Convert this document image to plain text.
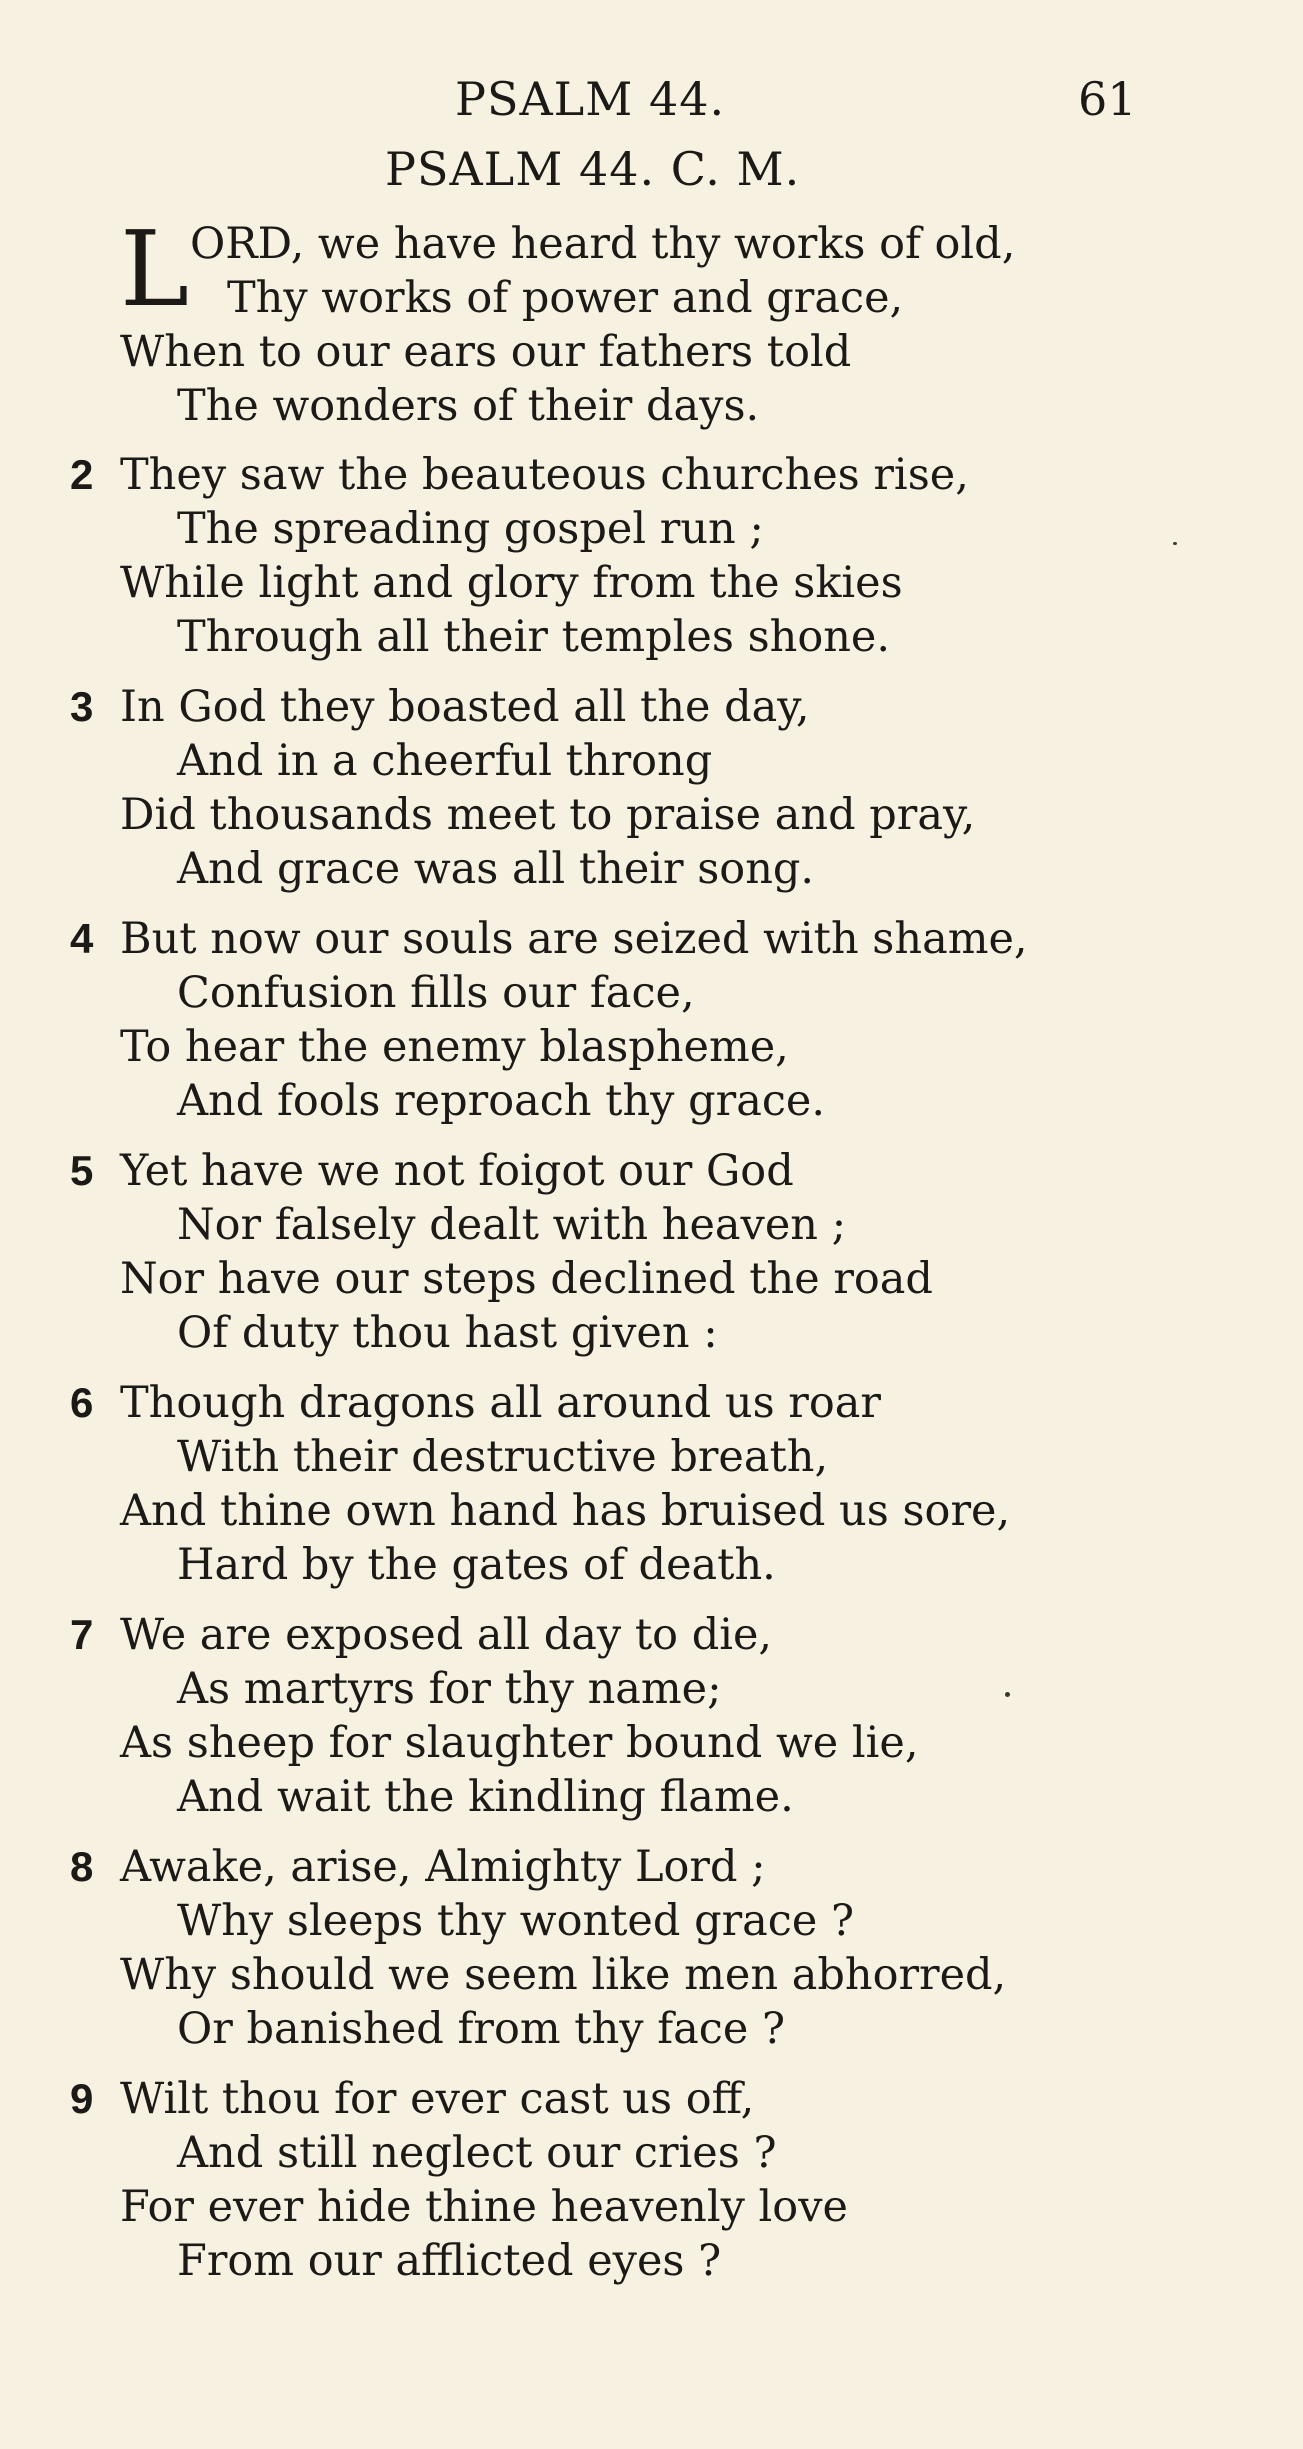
PSALM 44.	61
PSALM 44. C. M.
L ORD, we have heard thy works of old,
Thy works of power and grace,
When to our ears our fathers told
The wonders of their days.
2 They saw the beauteous churches rise,
The spreading gospel run ;
While light and glory from the skies
Through all their temples shone.
3 In God they boasted all the day,
And in a cheerful throng
Did thousands meet to praise and pray,
And grace was all their song.
4 But now our souls are seized with shame,
Confusion fills our face,
To hear the enemy blaspheme,
And fools reproach thy grace.
5 Yet have we not foigot our God
Nor falsely dealt with heaven ;
Nor have our steps declined the road
Of duty thou hast given :
6 Though dragons all around us roar
With their destructive breath,
And thine own hand has bruised us sore,
Hard by the gates of death.
7 We are exposed all day to die,
As martyrs for thy name;
As sheep for slaughter bound we lie,
And wait the kindling flame.
8 Awake, arise, Almighty Lord ;
Why sleeps thy wonted grace ?
Why should we seem like men abhorred,
Or banished from thy face ?
9 Wilt thou for ever cast us off,
And still neglect our cries ?
For ever hide thine heavenly love
From our afflicted eyes ?
